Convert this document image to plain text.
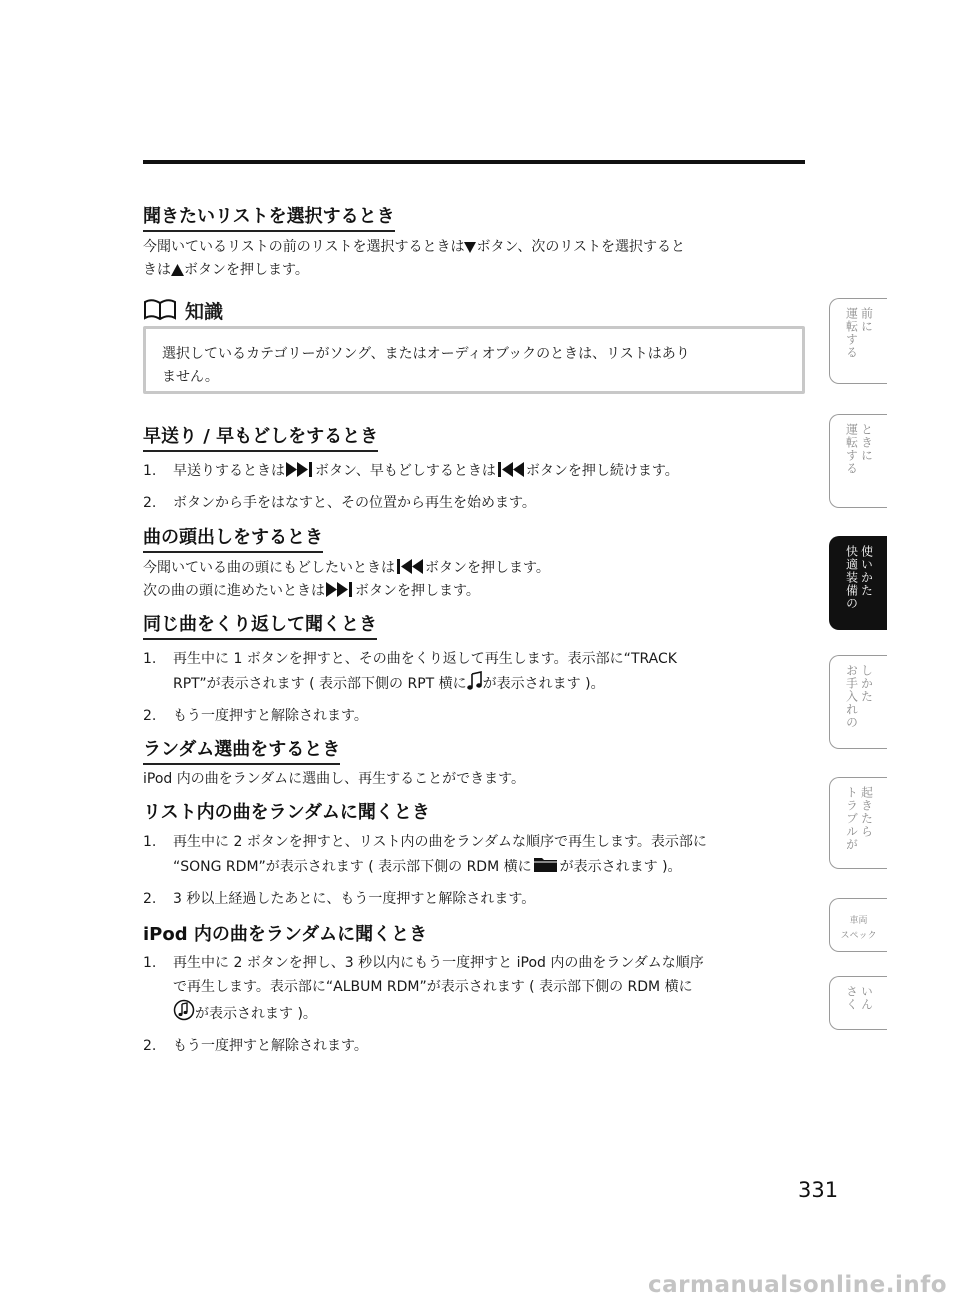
聞きたいリストを選択するとき
今聞いているリストの前のリストを選択するときは ボタン、次のリストを選択すると
きは ボタンを押します。
知識
選択しているカテゴリーがソング、またはオーディオブックのときは、リストはあり
ません。
早送り / 早もどしをするとき
1. 早送りするときは ボタン、早もどしするときは ボタンを押し続けます。
2. ボタンから手をはなすと、その位置から再生を始めます。
曲の頭出しをするとき
今聞いている曲の頭にもどしたいときは ボタンを押します。
次の曲の頭に進めたいときは ボタンを押します。
同じ曲をくり返して聞くとき
1. 再生中に 1 ボタンを押すと、その曲をくり返して再生します。表示部に“TRACK
RPT”が表示されます ( 表示部下側の RPT 横に が表示されます )。
2. もう一度押すと解除されます。
ランダム選曲をするとき
iPod 内の曲をランダムに選曲し、再生することができます。
リスト内の曲をランダムに聞くとき
1. 再生中に 2 ボタンを押すと、リスト内の曲をランダムな順序で再生します。表示部に
“SONG RDM”が表示されます ( 表示部下側の RDM 横に が表示されます )。
2. 3 秒以上経過したあとに、もう一度押すと解除されます。
iPod 内の曲をランダムに聞くとき
1. 再生中に 2 ボタンを押し、3 秒以内にもう一度押すと iPod 内の曲をランダムな順序
で再生します。表示部に“ALBUM RDM”が表示されます ( 表示部下側の RDM 横に
が表示されます )。
2. もう一度押すと解除されます。
運転する 前に
運転する ときに
快適装備の 使いかた
お手入れの しかた
トラブルが 起きたら
車両
スペック
さく いん
331
carmanualsonline.info
